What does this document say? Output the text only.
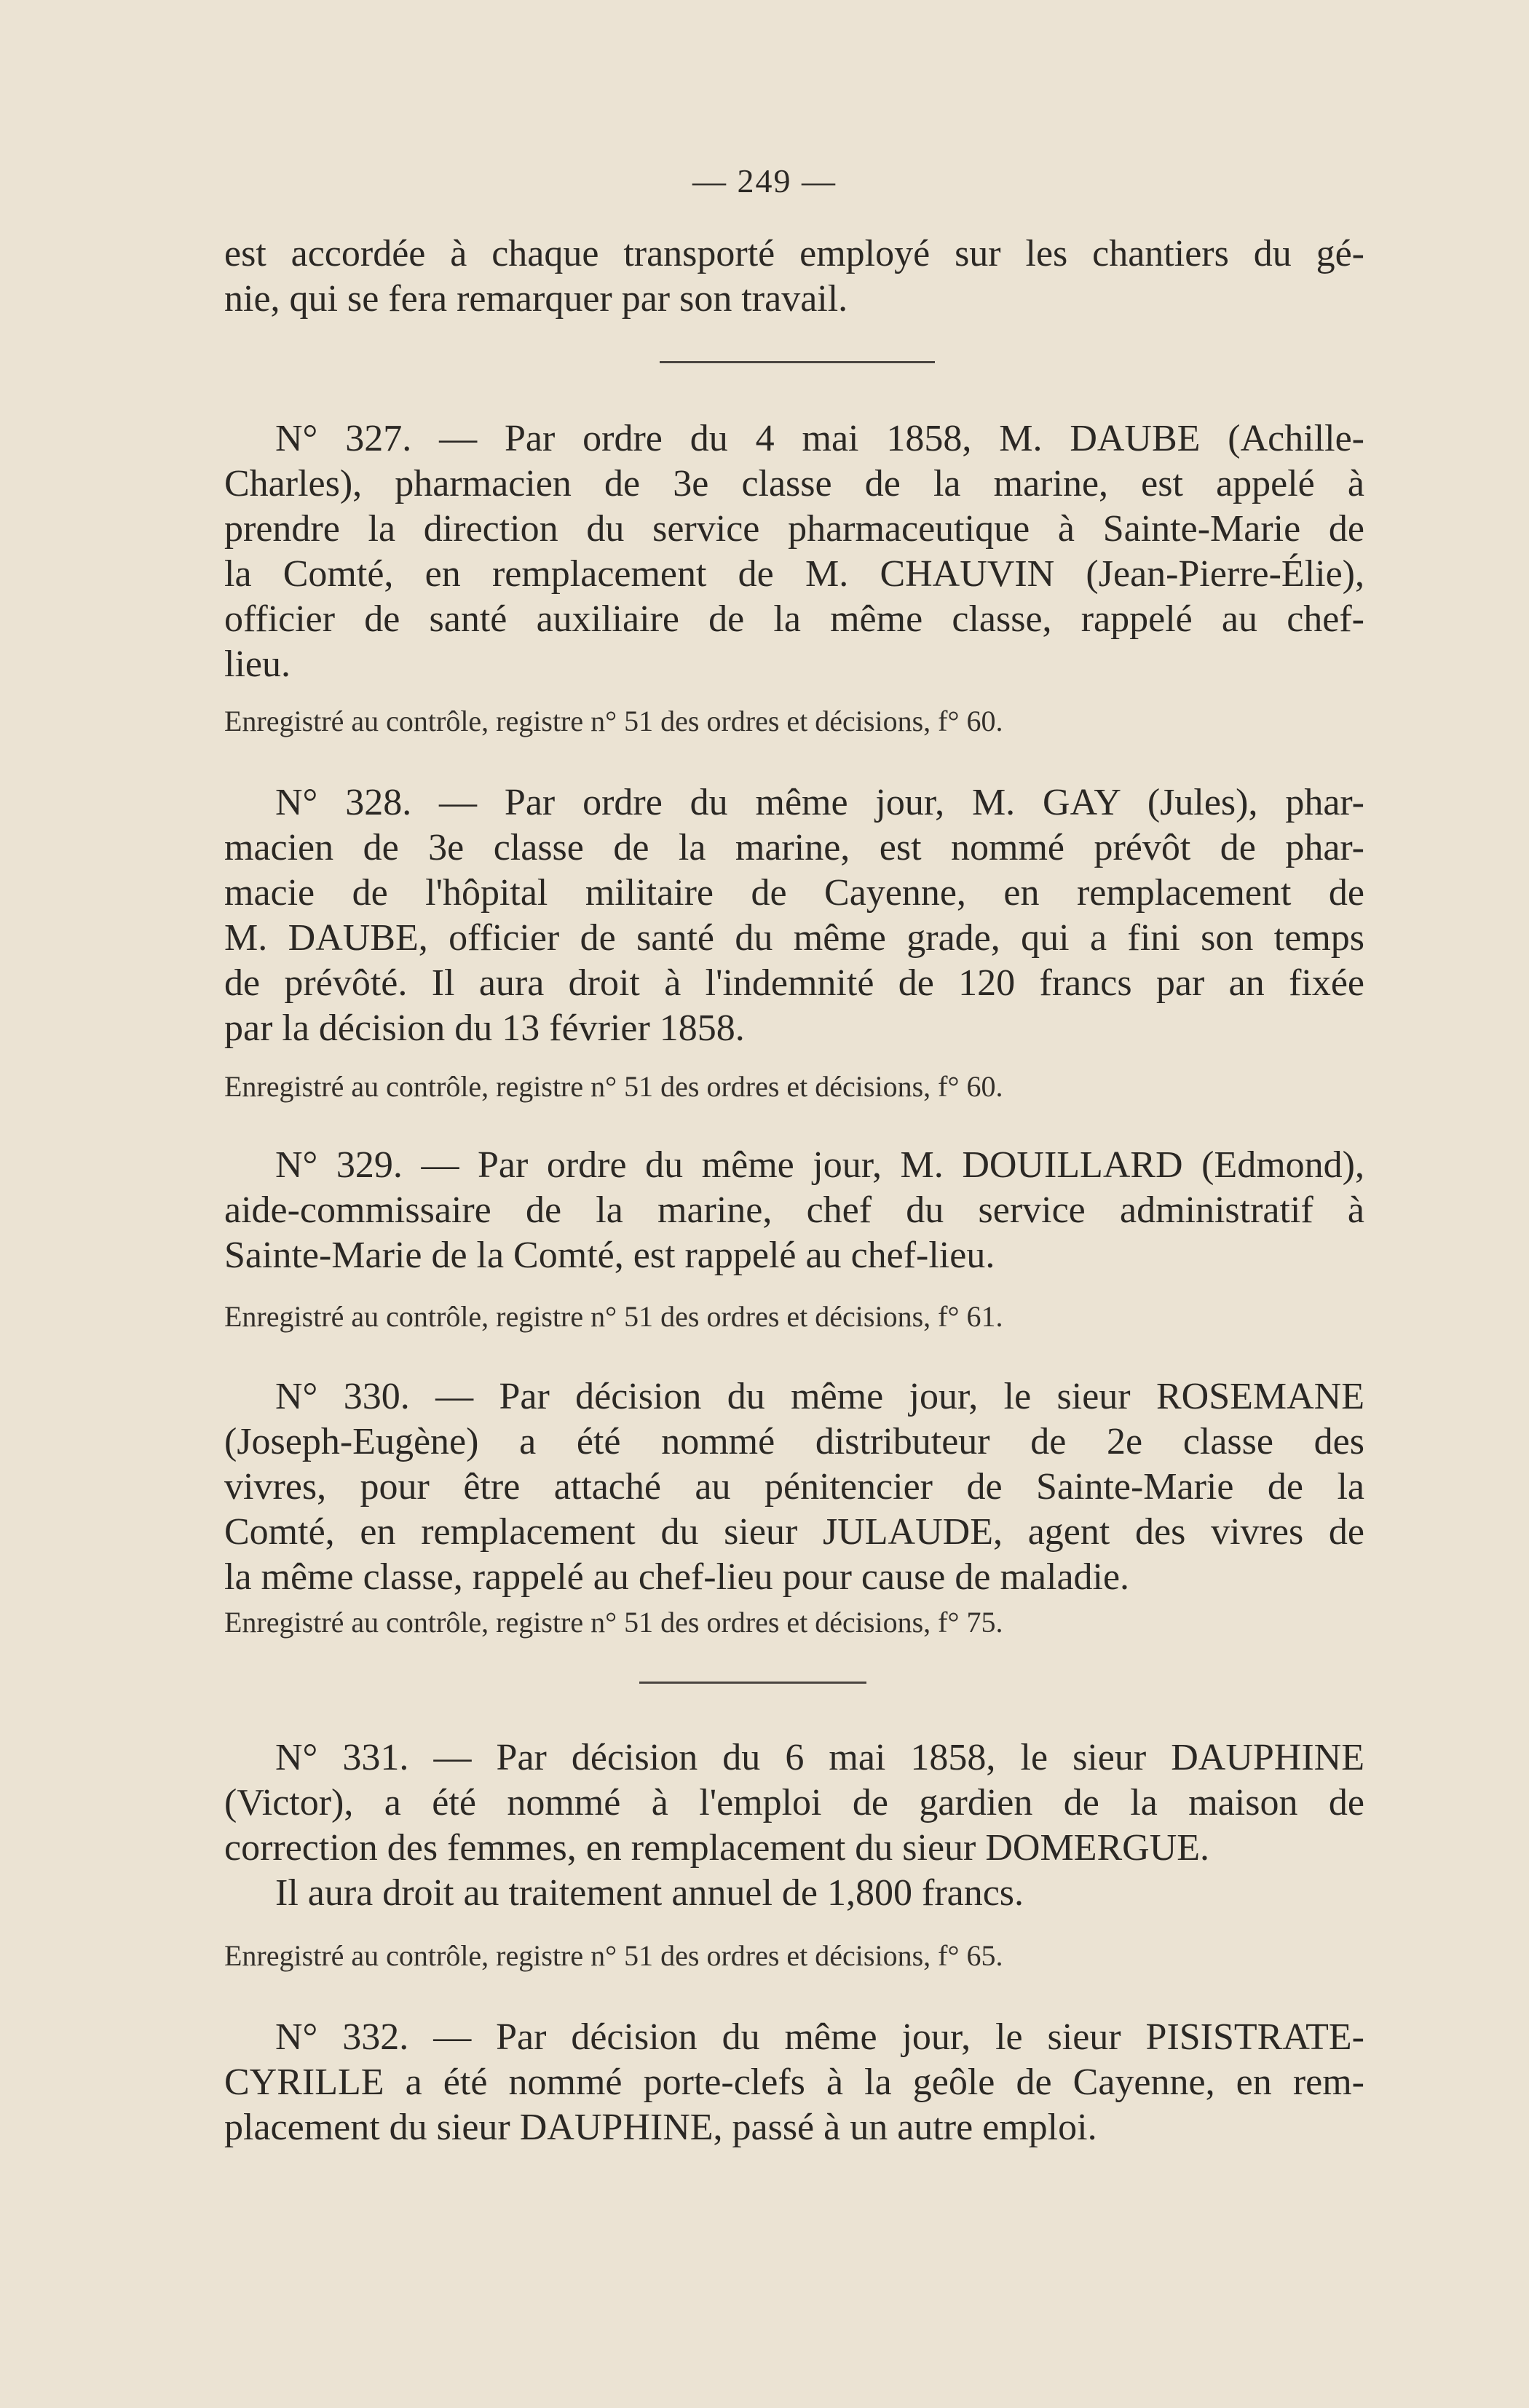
— 249 —
est accordée à chaque transporté employé sur les chantiers du gé-
nie, qui se fera remarquer par son travail.
N° 327. — Par ordre du 4 mai 1858, M. DAUBE (Achille-
Charles), pharmacien de 3e classe de la marine, est appelé à
prendre la direction du service pharmaceutique à Sainte-Marie de
la Comté, en remplacement de M. CHAUVIN (Jean-Pierre-Élie),
officier de santé auxiliaire de la même classe, rappelé au chef-
lieu.
Enregistré au contrôle, registre n° 51 des ordres et décisions, f° 60.
N° 328. — Par ordre du même jour, M. GAY (Jules), phar-
macien de 3e classe de la marine, est nommé prévôt de phar-
macie de l'hôpital militaire de Cayenne, en remplacement de
M. DAUBE, officier de santé du même grade, qui a fini son temps
de prévôté. Il aura droit à l'indemnité de 120 francs par an fixée
par la décision du 13 février 1858.
Enregistré au contrôle, registre n° 51 des ordres et décisions, f° 60.
N° 329. — Par ordre du même jour, M. DOUILLARD (Edmond),
aide-commissaire de la marine, chef du service administratif à
Sainte-Marie de la Comté, est rappelé au chef-lieu.
Enregistré au contrôle, registre n° 51 des ordres et décisions, f° 61.
N° 330. — Par décision du même jour, le sieur ROSEMANE
(Joseph-Eugène) a été nommé distributeur de 2e classe des
vivres, pour être attaché au pénitencier de Sainte-Marie de la
Comté, en remplacement du sieur JULAUDE, agent des vivres de
la même classe, rappelé au chef-lieu pour cause de maladie.
Enregistré au contrôle, registre n° 51 des ordres et décisions, f° 75.
N° 331. — Par décision du 6 mai 1858, le sieur DAUPHINE
(Victor), a été nommé à l'emploi de gardien de la maison de
correction des femmes, en remplacement du sieur DOMERGUE.
Il aura droit au traitement annuel de 1,800 francs.
Enregistré au contrôle, registre n° 51 des ordres et décisions, f° 65.
N° 332. — Par décision du même jour, le sieur PISISTRATE-
CYRILLE a été nommé porte-clefs à la geôle de Cayenne, en rem-
placement du sieur DAUPHINE, passé à un autre emploi.
